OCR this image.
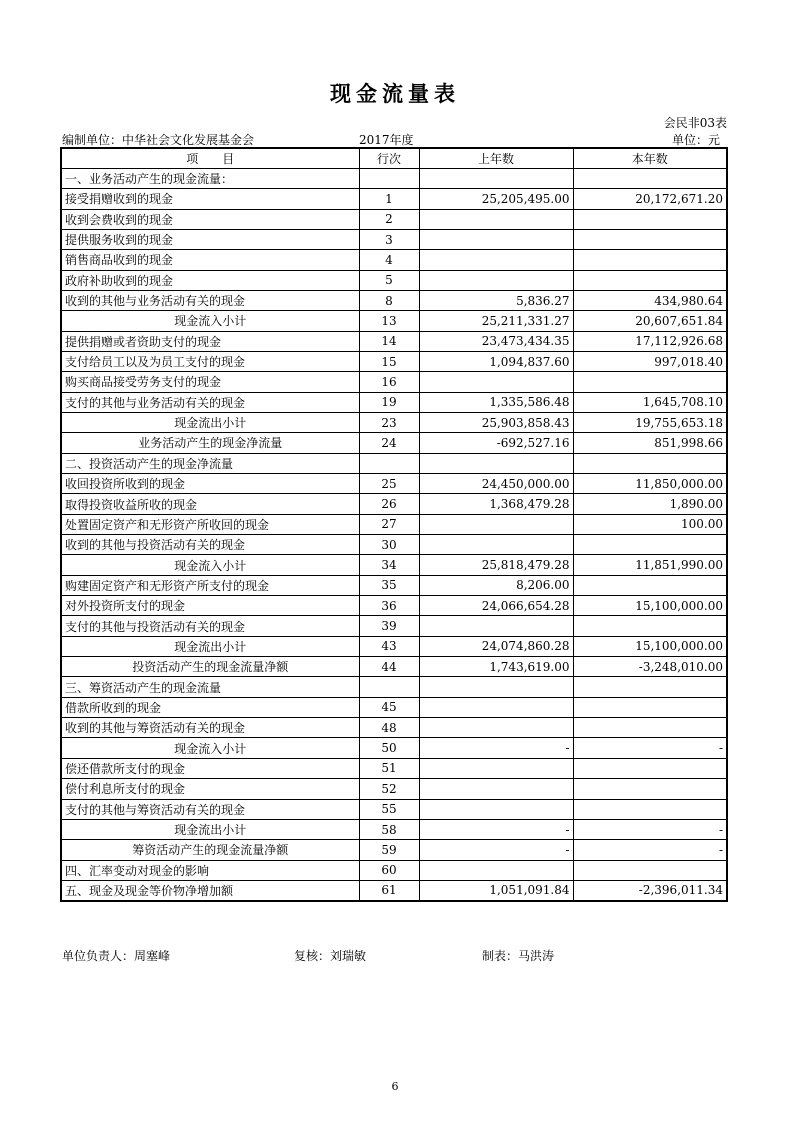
现金流量表
会民非03表
编制单位：中华社会文化发展基金会	2017年度	单位：元
项　　目	行次	上年数	本年数
一、业务活动产生的现金流量：			
接受捐赠收到的现金	1	25,205,495.00	20,172,671.20
收到会费收到的现金	2		
提供服务收到的现金	3		
销售商品收到的现金	4		
政府补助收到的现金	5		
收到的其他与业务活动有关的现金	8	5,836.27	434,980.64
现金流入小计	13	25,211,331.27	20,607,651.84
提供捐赠或者资助支付的现金	14	23,473,434.35	17,112,926.68
支付给员工以及为员工支付的现金	15	1,094,837.60	997,018.40
购买商品接受劳务支付的现金	16		
支付的其他与业务活动有关的现金	19	1,335,586.48	1,645,708.10
现金流出小计	23	25,903,858.43	19,755,653.18
业务活动产生的现金净流量	24	-692,527.16	851,998.66
二、投资活动产生的现金净流量			
收回投资所收到的现金	25	24,450,000.00	11,850,000.00
取得投资收益所收的现金	26	1,368,479.28	1,890.00
处置固定资产和无形资产所收回的现金	27		100.00
收到的其他与投资活动有关的现金	30		
现金流入小计	34	25,818,479.28	11,851,990.00
购建固定资产和无形资产所支付的现金	35	8,206.00	
对外投资所支付的现金	36	24,066,654.28	15,100,000.00
支付的其他与投资活动有关的现金	39		
现金流出小计	43	24,074,860.28	15,100,000.00
投资活动产生的现金流量净额	44	1,743,619.00	-3,248,010.00
三、筹资活动产生的现金流量			
借款所收到的现金	45		
收到的其他与筹资活动有关的现金	48		
现金流入小计	50	-	-
偿还借款所支付的现金	51		
偿付利息所支付的现金	52		
支付的其他与筹资活动有关的现金	55		
现金流出小计	58	-	-
筹资活动产生的现金流量净额	59	-	-
四、汇率变动对现金的影响	60		
五、现金及现金等价物净增加额	61	1,051,091.84	-2,396,011.34
单位负责人：周塞峰	复核：刘瑞敏	制表：马洪涛
6
